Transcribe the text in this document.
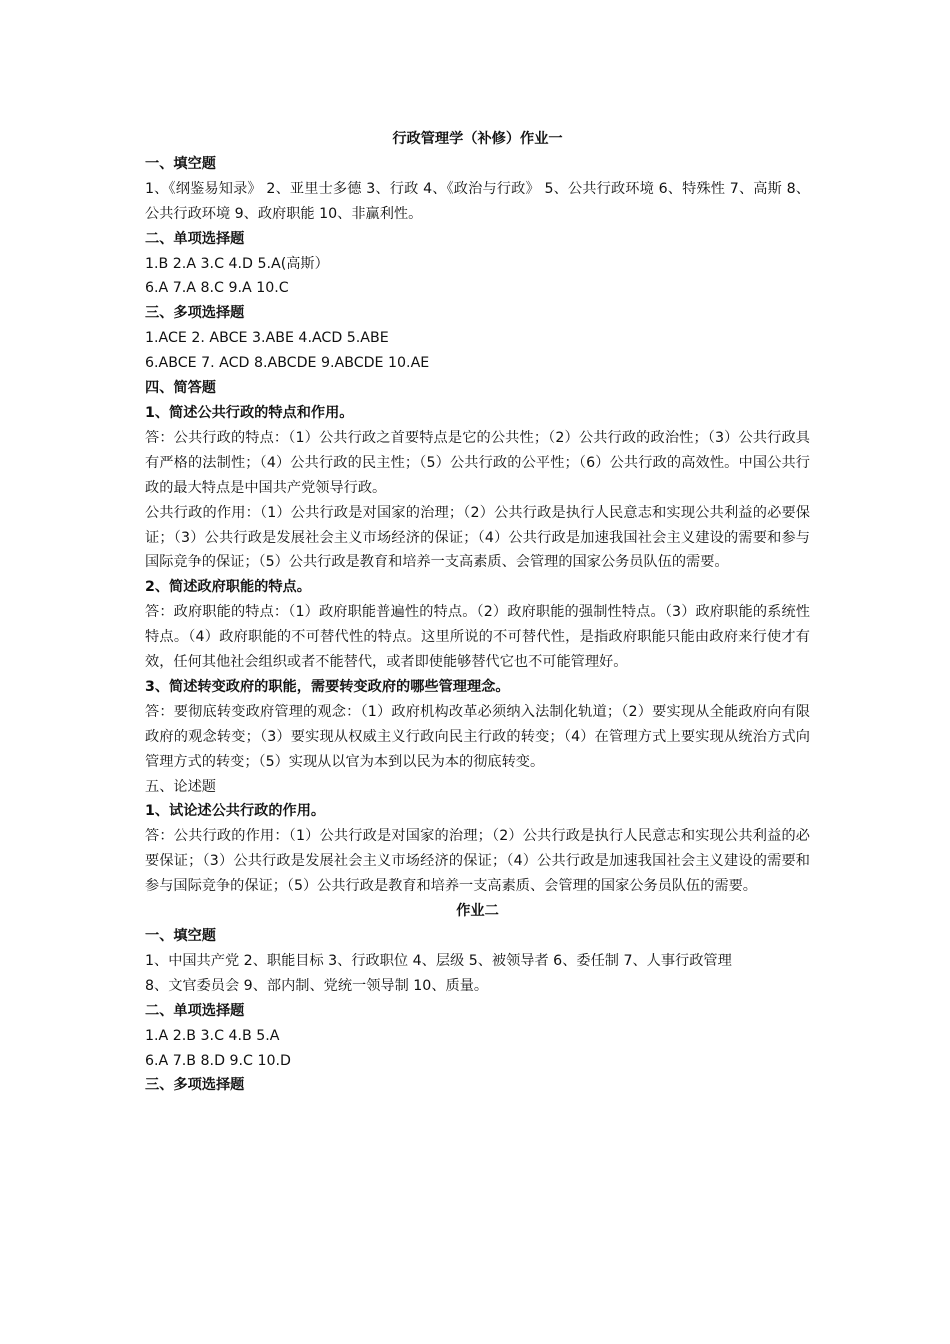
行政管理学（补修）作业一

一、填空题

1、《纲鉴易知录》 2、亚里士多德 3、行政 4、《政治与行政》 5、公共行政环境 6、特殊性 7、高斯 8、公共行政环境 9、政府职能 10、非赢利性。

二、单项选择题

1.B 2.A 3.C 4.D 5.A(高斯）

6.A 7.A 8.C 9.A 10.C

三、多项选择题

1.ACE 2. ABCE 3.ABE 4.ACD 5.ABE

6.ABCE 7. ACD 8.ABCDE 9.ABCDE 10.AE

四、简答题

1、简述公共行政的特点和作用。

答：公共行政的特点：（1）公共行政之首要特点是它的公共性；（2）公共行政的政治性；（3）公共行政具有严格的法制性；（4）公共行政的民主性；（5）公共行政的公平性；（6）公共行政的高效性。中国公共行政的最大特点是中国共产党领导行政。

公共行政的作用：（1）公共行政是对国家的治理；（2）公共行政是执行人民意志和实现公共利益的必要保证；（3）公共行政是发展社会主义市场经济的保证；（4）公共行政是加速我国社会主义建设的需要和参与国际竞争的保证；（5）公共行政是教育和培养一支高素质、会管理的国家公务员队伍的需要。

2、简述政府职能的特点。

答：政府职能的特点：（1）政府职能普遍性的特点。（2）政府职能的强制性特点。（3）政府职能的系统性特点。（4）政府职能的不可替代性的特点。这里所说的不可替代性，是指政府职能只能由政府来行使才有效，任何其他社会组织或者不能替代，或者即使能够替代它也不可能管理好。

3、简述转变政府的职能，需要转变政府的哪些管理理念。

答：要彻底转变政府管理的观念：（1）政府机构改革必须纳入法制化轨道；（2）要实现从全能政府向有限政府的观念转变；（3）要实现从权威主义行政向民主行政的转变；（4）在管理方式上要实现从统治方式向管理方式的转变；（5）实现从以官为本到以民为本的彻底转变。

五、论述题

1、试论述公共行政的作用。

答：公共行政的作用：（1）公共行政是对国家的治理；（2）公共行政是执行人民意志和实现公共利益的必要保证；（3）公共行政是发展社会主义市场经济的保证；（4）公共行政是加速我国社会主义建设的需要和参与国际竞争的保证；（5）公共行政是教育和培养一支高素质、会管理的国家公务员队伍的需要。

作业二

一、填空题

1、中国共产党 2、职能目标 3、行政职位 4、层级 5、被领导者 6、委任制 7、人事行政管理

8、文官委员会 9、部内制、党统一领导制 10、质量。

二、单项选择题

1.A 2.B 3.C 4.B 5.A

6.A 7.B 8.D 9.C 10.D

三、多项选择题
